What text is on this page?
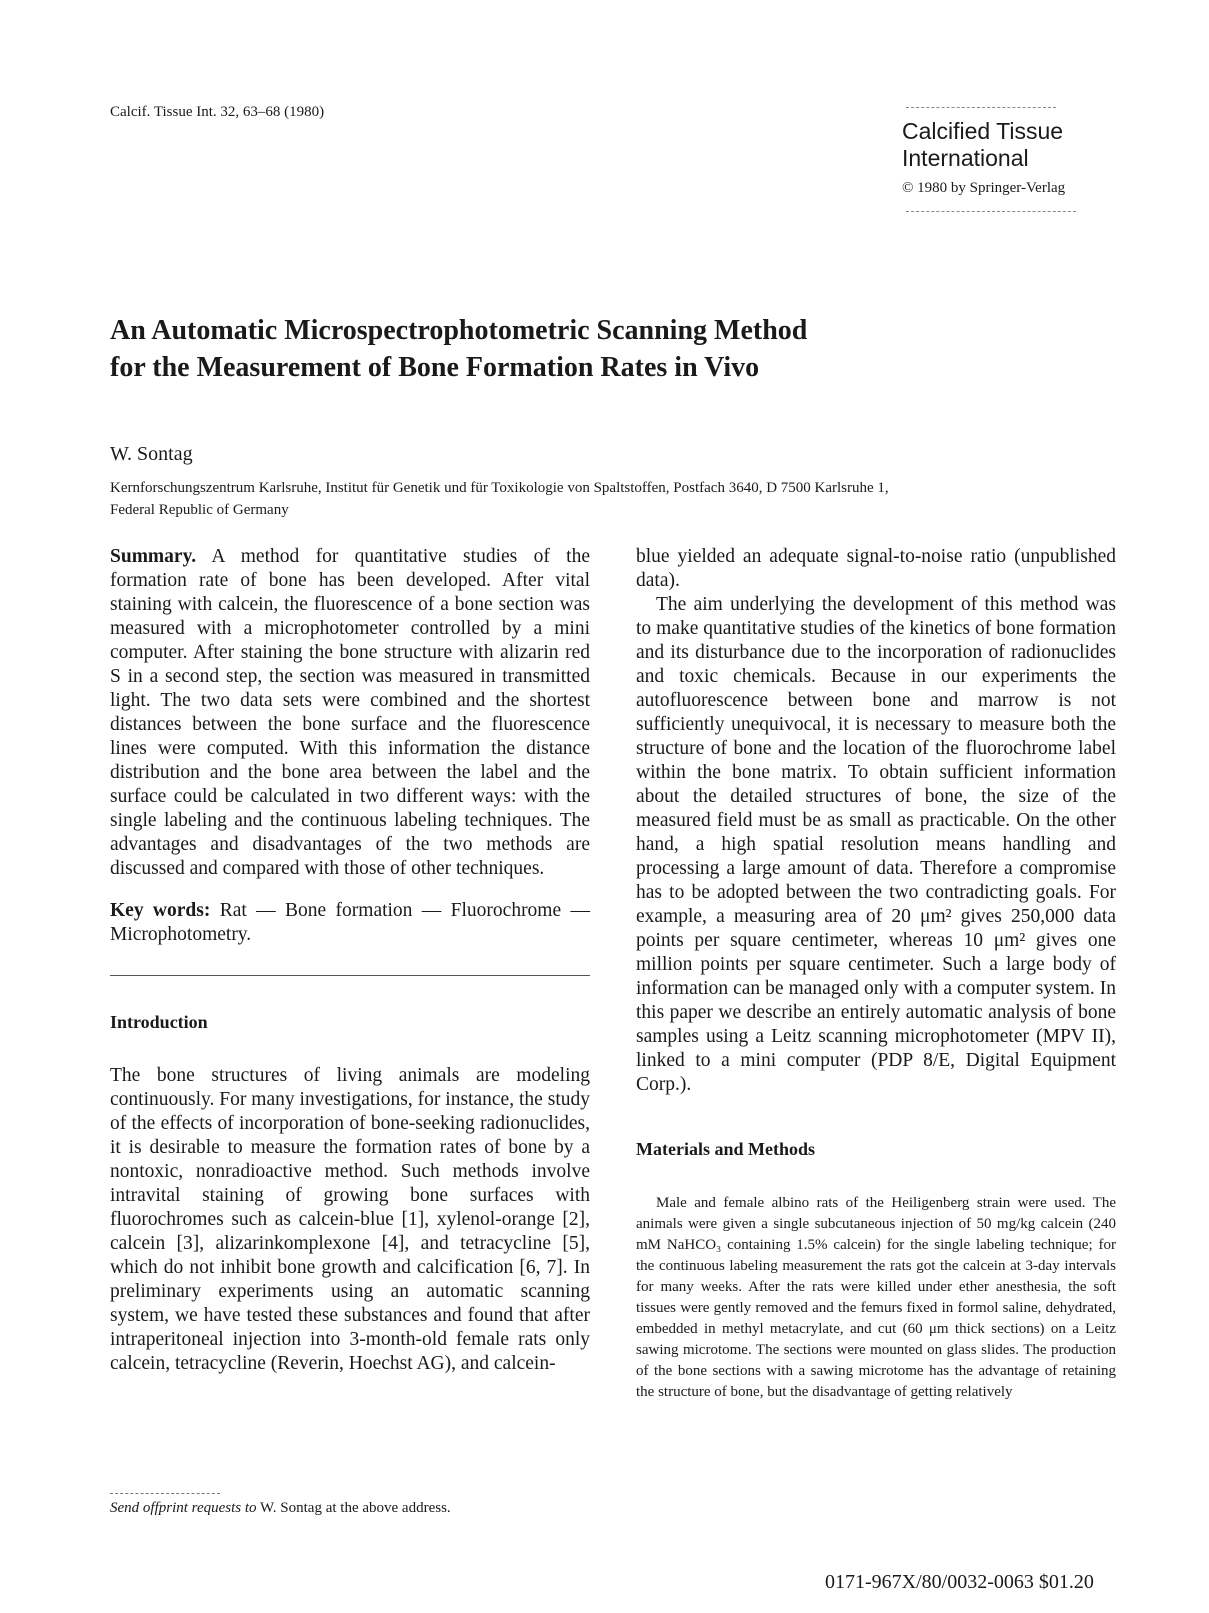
Calcif. Tissue Int. 32, 63–68 (1980)
Calcified Tissue
International
© 1980 by Springer-Verlag
An Automatic Microspectrophotometric Scanning Method
for the Measurement of Bone Formation Rates in Vivo
W. Sontag
Kernforschungszentrum Karlsruhe, Institut für Genetik und für Toxikologie von Spaltstoffen, Postfach 3640, D 7500 Karlsruhe 1,
Federal Republic of Germany

Summary. A method for quantitative studies of the formation rate of bone has been developed. After vital staining with calcein, the fluorescence of a bone section was measured with a microphotometer controlled by a mini computer. After staining the bone structure with alizarin red S in a second step, the section was measured in transmitted light. The two data sets were combined and the shortest distances between the bone surface and the fluorescence lines were computed. With this information the distance distribution and the bone area between the label and the surface could be calculated in two different ways: with the single labeling and the continuous labeling techniques. The advantages and disadvantages of the two methods are discussed and compared with those of other techniques.

Key words: Rat — Bone formation — Fluorochrome — Microphotometry.

Introduction

The bone structures of living animals are modeling continuously. For many investigations, for instance, the study of the effects of incorporation of bone-seeking radionuclides, it is desirable to measure the formation rates of bone by a nontoxic, nonradioactive method. Such methods involve intravital staining of growing bone surfaces with fluorochromes such as calcein-blue [1], xylenol-orange [2], calcein [3], alizarinkomplexone [4], and tetracycline [5], which do not inhibit bone growth and calcification [6, 7]. In preliminary experiments using an automatic scanning system, we have tested these substances and found that after intraperitoneal injection into 3-month-old female rats only calcein, tetracycline (Reverin, Hoechst AG), and calcein-

blue yielded an adequate signal-to-noise ratio (unpublished data).

The aim underlying the development of this method was to make quantitative studies of the kinetics of bone formation and its disturbance due to the incorporation of radionuclides and toxic chemicals. Because in our experiments the autofluorescence between bone and marrow is not sufficiently unequivocal, it is necessary to measure both the structure of bone and the location of the fluorochrome label within the bone matrix. To obtain sufficient information about the detailed structures of bone, the size of the measured field must be as small as practicable. On the other hand, a high spatial resolution means handling and processing a large amount of data. Therefore a compromise has to be adopted between the two contradicting goals. For example, a measuring area of 20 μm² gives 250,000 data points per square centimeter, whereas 10 μm² gives one million points per square centimeter. Such a large body of information can be managed only with a computer system. In this paper we describe an entirely automatic analysis of bone samples using a Leitz scanning microphotometer (MPV II), linked to a mini computer (PDP 8/E, Digital Equipment Corp.).

Materials and Methods

Male and female albino rats of the Heiligenberg strain were used. The animals were given a single subcutaneous injection of 50 mg/kg calcein (240 mM NaHCO₃ containing 1.5% calcein) for the single labeling technique; for the continuous labeling measurement the rats got the calcein at 3-day intervals for many weeks. After the rats were killed under ether anesthesia, the soft tissues were gently removed and the femurs fixed in formol saline, dehydrated, embedded in methyl metacrylate, and cut (60 μm thick sections) on a Leitz sawing microtome. The sections were mounted on glass slides. The production of the bone sections with a sawing microtome has the advantage of retaining the structure of bone, but the disadvantage of getting relatively

Send offprint requests to W. Sontag at the above address.
0171-967X/80/0032-0063 $01.20
